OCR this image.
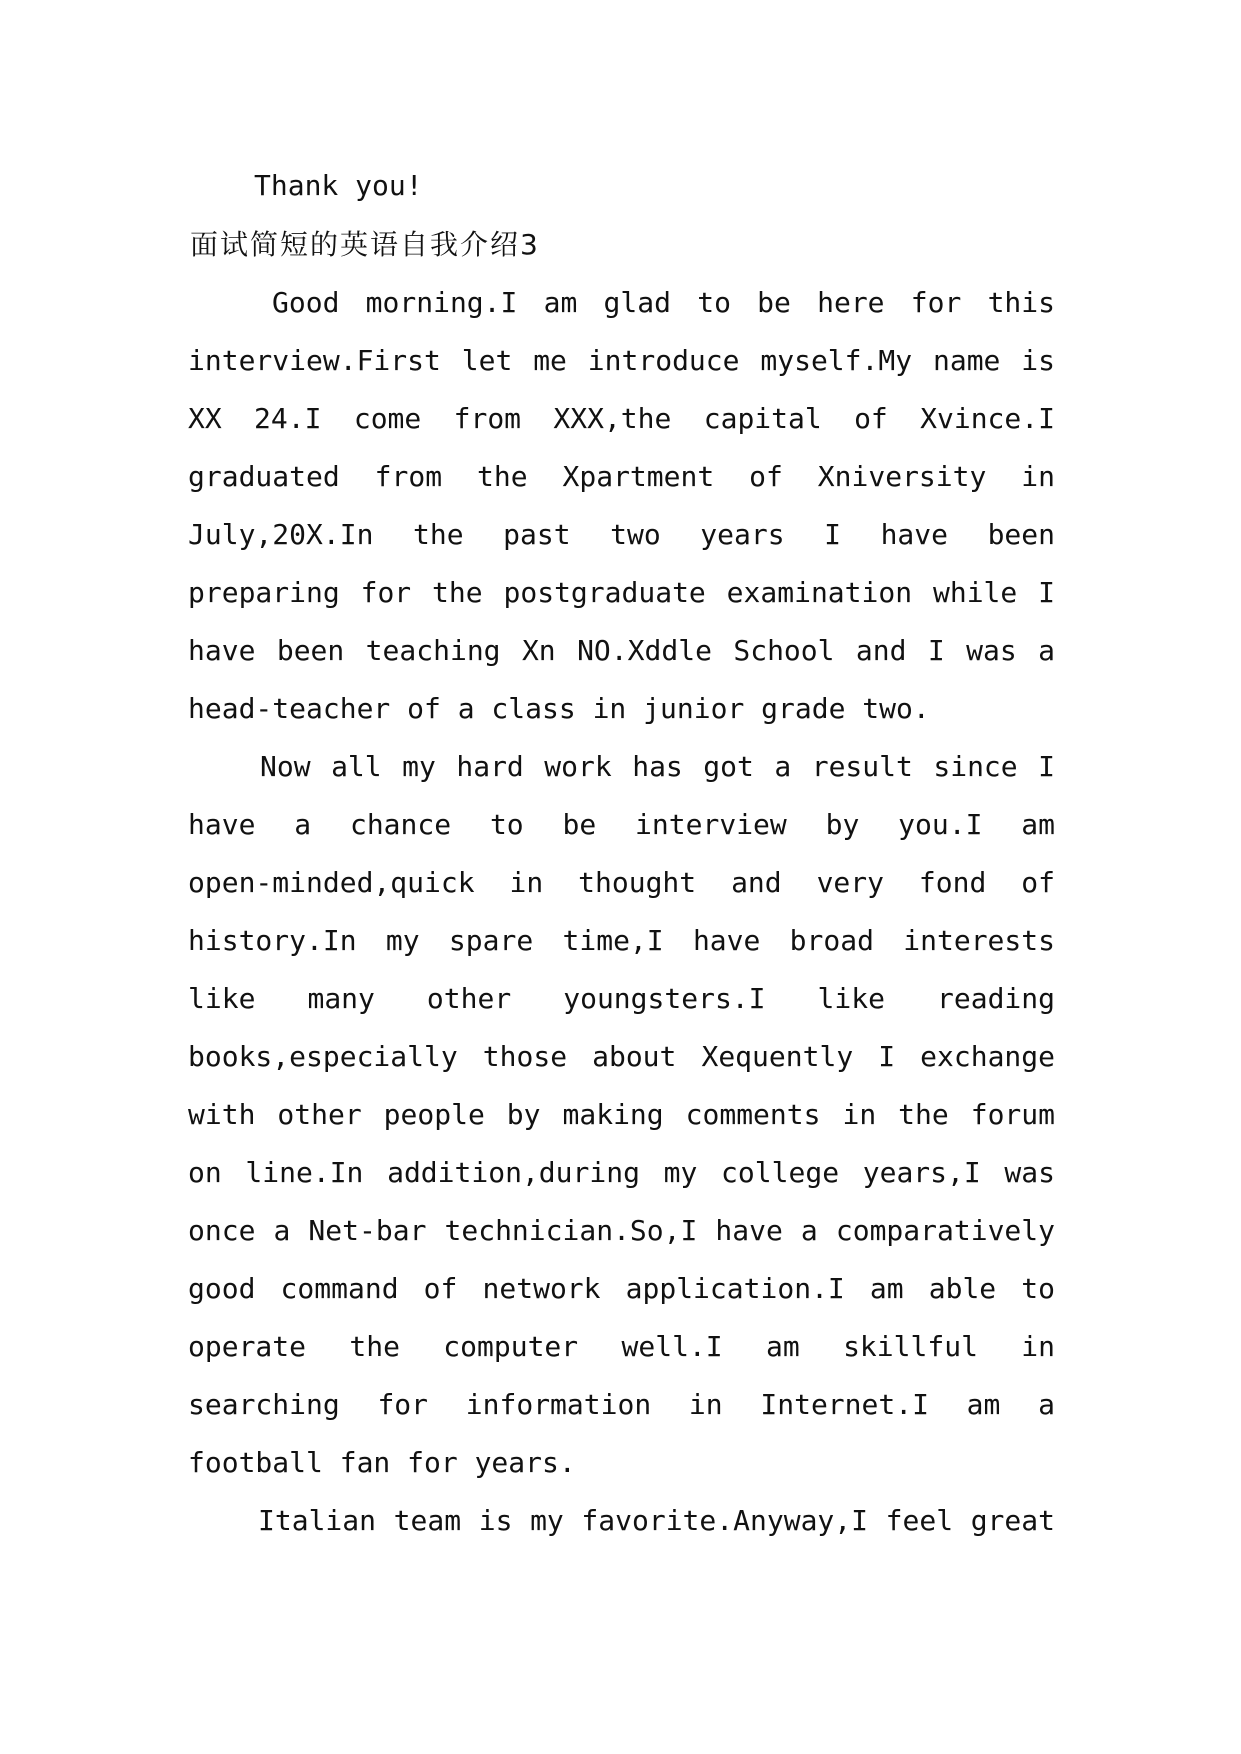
Thank you!
面试简短的英语自我介绍3
Good morning.I am glad to be here for this
interview.First let me introduce myself.My name is
XX 24.I come from XXX,the capital of Xvince.I
graduated from the Xpartment of Xniversity in
July,20X.In the past two years I have been
preparing for the postgraduate examination while I
have been teaching Xn NO.Xddle School and I was a
head-teacher of a class in junior grade two.
Now all my hard work has got a result since I
have a chance to be interview by you.I am
open-minded,quick in thought and very fond of
history.In my spare time,I have broad interests
like many other youngsters.I like reading
books,especially those about Xequently I exchange
with other people by making comments in the forum
on line.In addition,during my college years,I was
once a Net-bar technician.So,I have a comparatively
good command of network application.I am able to
operate the computer well.I am skillful in
searching for information in Internet.I am a
football fan for years.
Italian team is my favorite.Anyway,I feel great
